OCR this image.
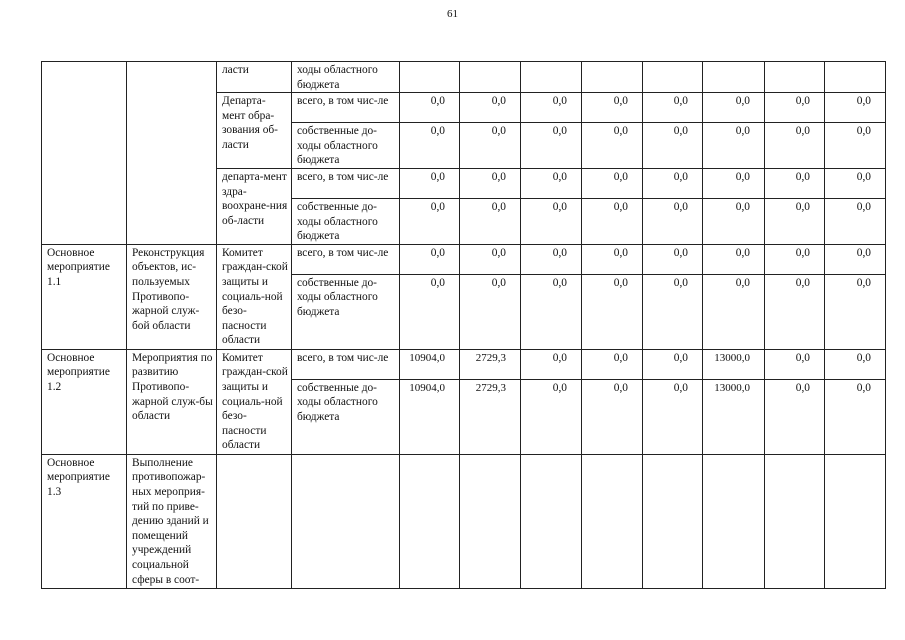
61
		ласти	ходы областного бюджета								
		Департа-мент обра-зования об-ласти	всего, в том чис-ле	0,0	0,0	0,0	0,0	0,0	0,0	0,0	0,0
			собственные до-ходы областного бюджета	0,0	0,0	0,0	0,0	0,0	0,0	0,0	0,0
		департа-мент здра-воохране-ния об-ласти	всего, в том чис-ле	0,0	0,0	0,0	0,0	0,0	0,0	0,0	0,0
			собственные до-ходы областного бюджета	0,0	0,0	0,0	0,0	0,0	0,0	0,0	0,0
Основное мероприятие 1.1	Реконструкция объектов, ис-пользуемых Противопо-жарной служ-бой области	Комитет граждан-ской защиты и социаль-ной безо-пасности области	всего, в том чис-ле	0,0	0,0	0,0	0,0	0,0	0,0	0,0	0,0
			собственные до-ходы областного бюджета	0,0	0,0	0,0	0,0	0,0	0,0	0,0	0,0
Основное мероприятие 1.2	Мероприятия по развитию Противопо-жарной служ-бы области	Комитет граждан-ской защиты и социаль-ной безо-пасности области	всего, в том чис-ле	10904,0	2729,3	0,0	0,0	0,0	13000,0	0,0	0,0
			собственные до-ходы областного бюджета	10904,0	2729,3	0,0	0,0	0,0	13000,0	0,0	0,0
Основное мероприятие 1.3	Выполнение противопожар-ных мероприя-тий по приве-дению зданий и помещений учреждений социальной сферы в соот-										
